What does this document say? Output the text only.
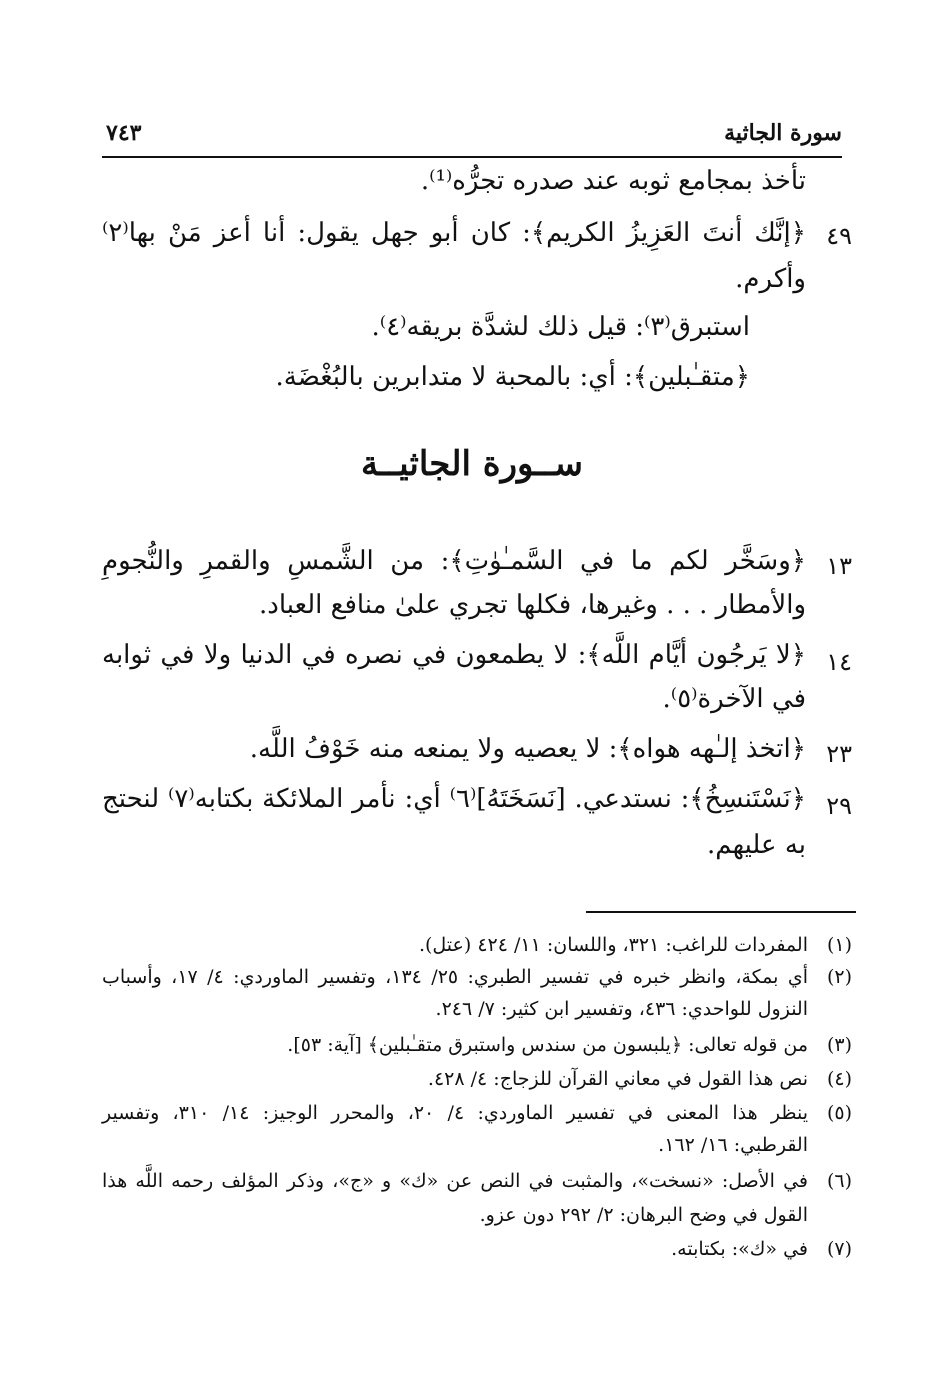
سورة الجاثية
٧٤٣
تأخذ بمجامع ثوبه عند صدره تجرُّه⁽¹⁾.
٤٩
﴿إنَّك أنتَ العَزِيزُ الكريم﴾: كان أبو جهل يقول: أنا أعز مَنْ بها⁽٢⁾
وأكرم.
استبرق⁽٣⁾: قيل ذلك لشدَّة بريقه⁽٤⁾.
﴿متقـٰبلين﴾: أي: بالمحبة لا متدابرين بالبُغْضَة.
ســورة الجاثيــة
١٣
﴿وسَخَّر لكم ما في السَّمـٰوٰتِ﴾: من الشَّمسِ والقمرِ والنُّجومِ
والأمطار . . . وغيرها، فكلها تجري علىٰ منافع العباد.
١٤
﴿لا يَرجُون أيَّام اللَّه﴾: لا يطمعون في نصره في الدنيا ولا في ثوابه
في الآخرة⁽٥⁾.
٢٣
﴿اتخذ إلـٰهه هواه﴾: لا يعصيه ولا يمنعه منه خَوْفُ اللَّه.
٢٩
﴿نَسْتَنسِخُ﴾: نستدعي. [نَسَخَتَهُ]⁽٦⁾ أي: نأمر الملائكة بكتابه⁽٧⁾ لنحتج
به عليهم.
(١)
المفردات للراغب: ٣٢١، واللسان: ١١/ ٤٢٤ (عتل).
(٢)
أي بمكة، وانظر خبره في تفسير الطبري: ٢٥/ ١٣٤، وتفسير الماوردي: ٤/ ١٧، وأسباب
النزول للواحدي: ٤٣٦، وتفسير ابن كثير: ٧/ ٢٤٦.
(٣)
من قوله تعالى: ﴿يلبسون من سندس واستبرق متقـٰبلين﴾ [آية: ٥٣].
(٤)
نص هذا القول في معاني القرآن للزجاج: ٤/ ٤٢٨.
(٥)
ينظر هذا المعنى في تفسير الماوردي: ٤/ ٢٠، والمحرر الوجيز: ١٤/ ٣١٠، وتفسير
القرطبي: ١٦/ ١٦٢.
(٦)
في الأصل: «نسخت»، والمثبت في النص عن «ك» و «ج»، وذكر المؤلف رحمه اللَّه هذا
القول في وضح البرهان: ٢/ ٢٩٢ دون عزو.
(٧)
في «ك»: بكتابته.
